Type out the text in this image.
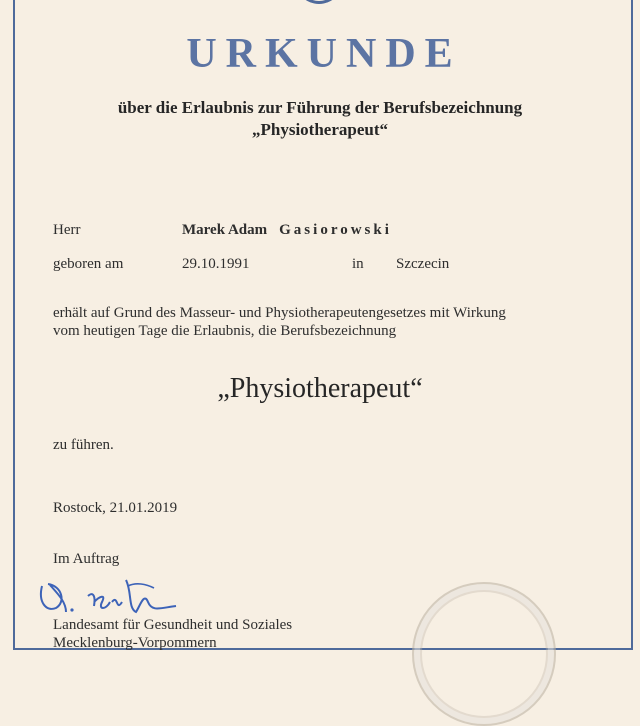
URKUNDE
über die Erlaubnis zur Führung der Berufsbezeichnung
„Physiotherapeut“
Herr	Marek Adam Gasiorowski
geboren am	29.10.1991	in Szczecin
erhält auf Grund des Masseur- und Physiotherapeutengesetzes mit Wirkung
vom heutigen Tage die Erlaubnis, die Berufsbezeichnung
„Physiotherapeut“
zu führen.
Rostock, 21.01.2019
Im Auftrag
Landesamt für Gesundheit und Soziales
Mecklenburg-Vorpommern
